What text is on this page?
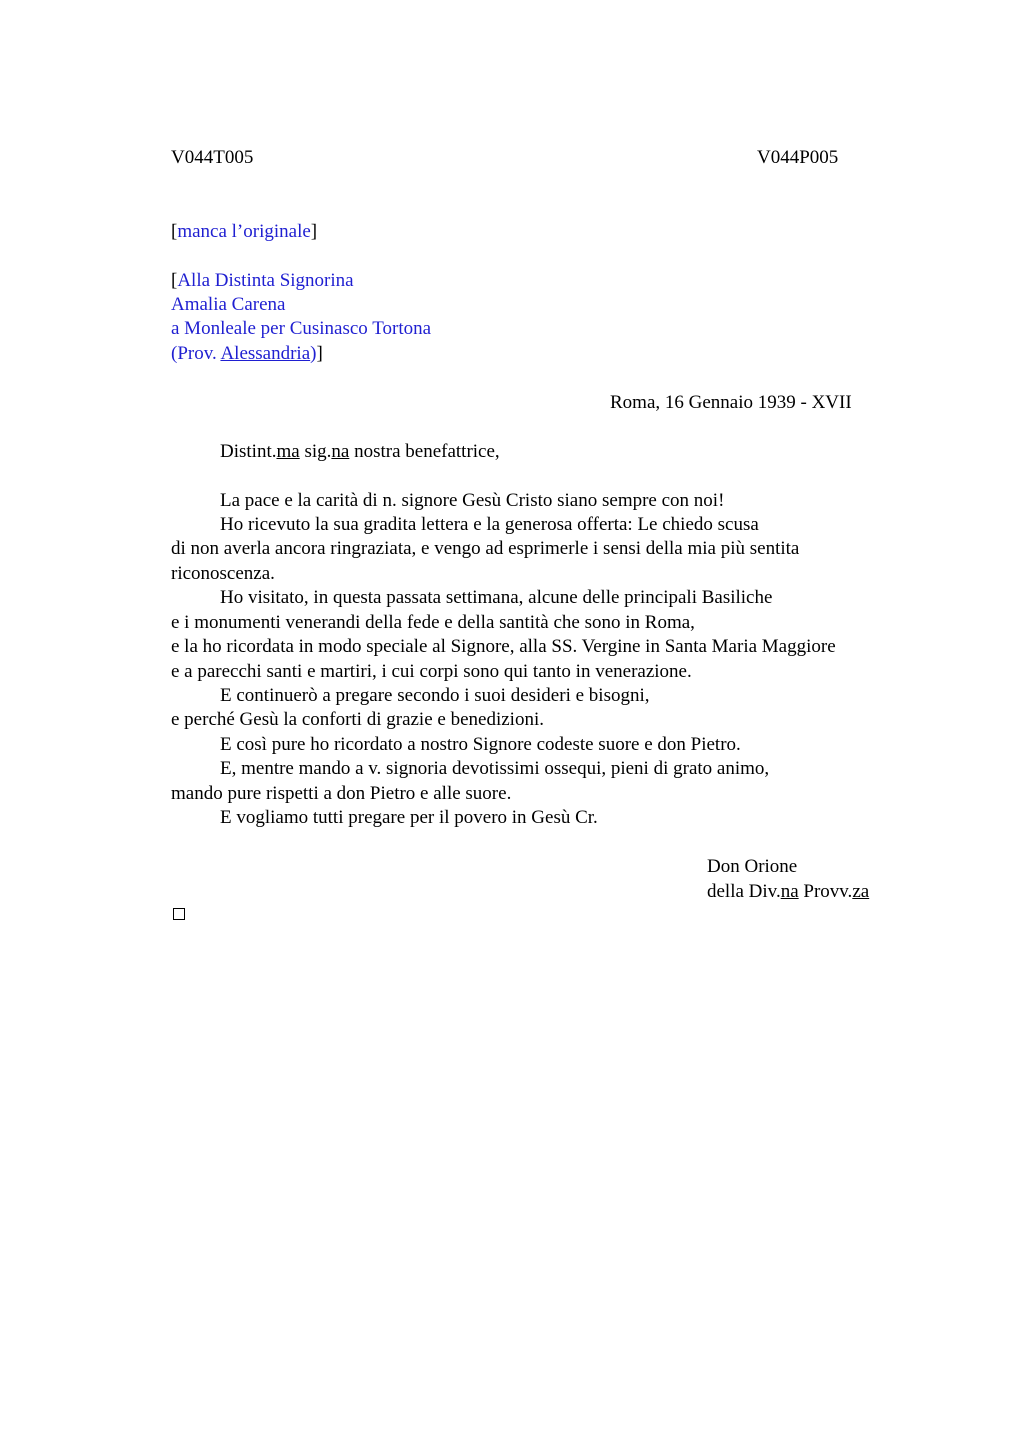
V044T005	V044P005
[manca l’originale]
[Alla Distinta Signorina
Amalia Carena
a Monleale per Cusinasco Tortona
(Prov. Alessandria)]
Roma, 16 Gennaio 1939 - XVII
Distint.ma sig.na nostra benefattrice,
La pace e la carità di n. signore Gesù Cristo siano sempre con noi!
Ho ricevuto la sua gradita lettera e la generosa offerta: Le chiedo scusa
di non averla ancora ringraziata, e vengo ad esprimerle i sensi della mia più sentita
riconoscenza.
Ho visitato, in questa passata settimana, alcune delle principali Basiliche
e i monumenti venerandi della fede e della santità che sono in Roma,
e la ho ricordata in modo speciale al Signore, alla SS. Vergine in Santa Maria Maggiore
e a parecchi santi e martiri, i cui corpi sono qui tanto in venerazione.
E continuerò a pregare secondo i suoi desideri e bisogni,
e perché Gesù la conforti di grazie e benedizioni.
E così pure ho ricordato a nostro Signore codeste suore e don Pietro.
E, mentre mando a v. signoria devotissimi ossequi, pieni di grato animo,
mando pure rispetti a don Pietro e alle suore.
E vogliamo tutti pregare per il povero in Gesù Cr.
Don Orione
della Div.na Provv.za
